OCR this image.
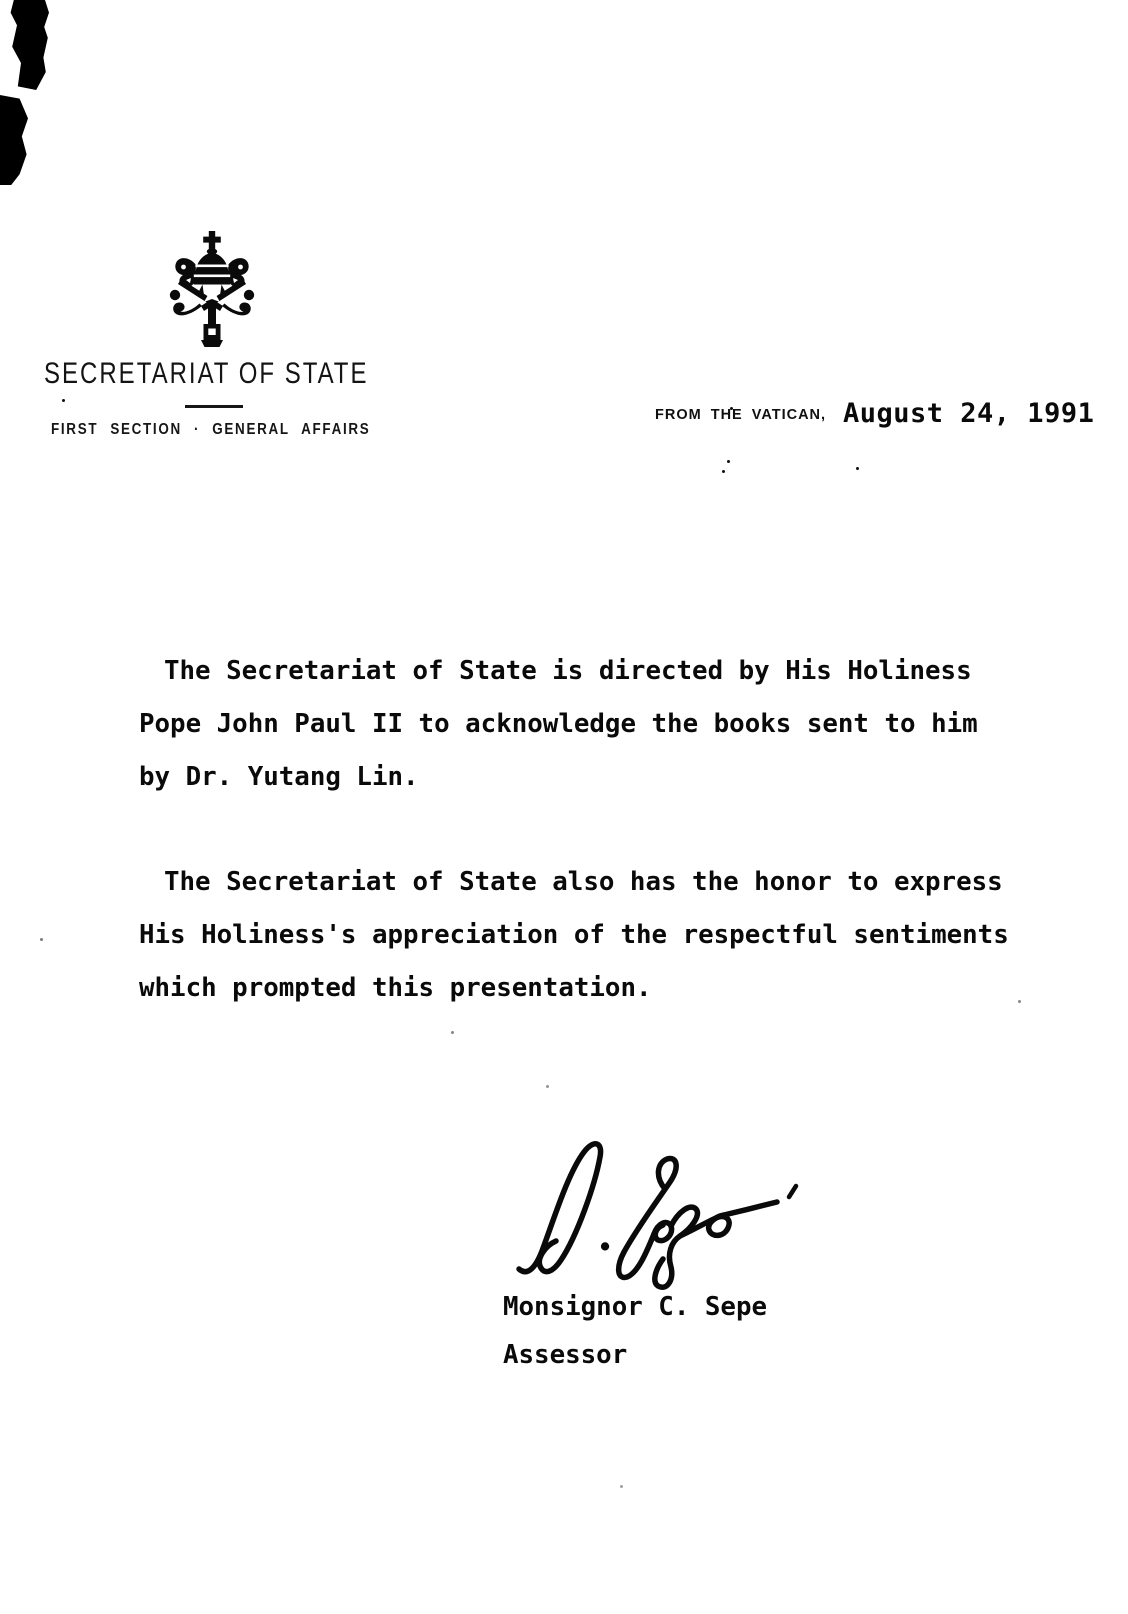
SECRETARIAT OF STATE
FIRST SECTION · GENERAL AFFAIRS
FROM THE VATICAN, August 24, 1991
The Secretariat of State is directed by His Holiness
Pope John Paul II to acknowledge the books sent to him
by Dr. Yutang Lin.
The Secretariat of State also has the honor to express
His Holiness's appreciation of the respectful sentiments
which prompted this presentation.
Monsignor C. Sepe
Assessor
